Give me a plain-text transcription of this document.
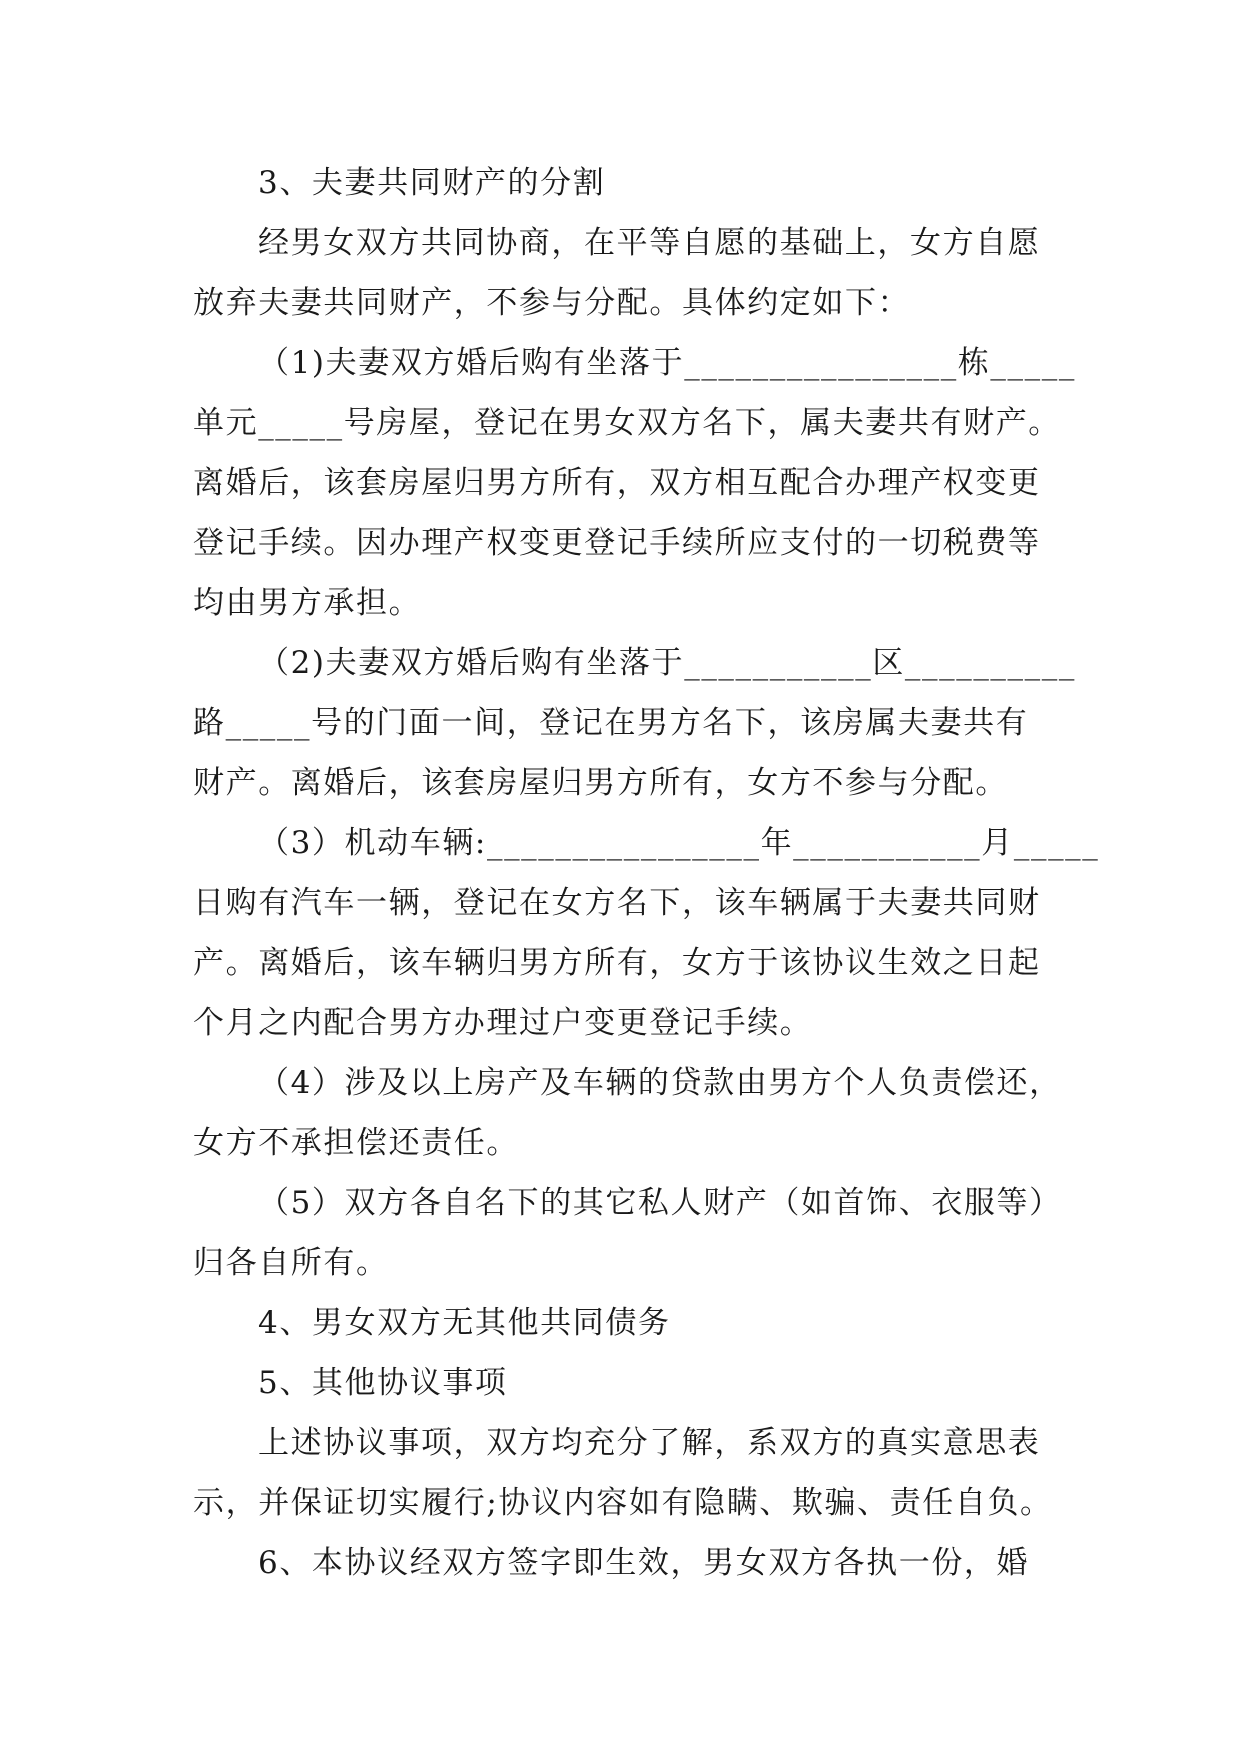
3、夫妻共同财产的分割
经男女双方共同协商，在平等自愿的基础上，女方自愿
放弃夫妻共同财产，不参与分配。具体约定如下：
（1)夫妻双方婚后购有坐落于________________栋_____
单元_____号房屋，登记在男女双方名下，属夫妻共有财产。
离婚后，该套房屋归男方所有，双方相互配合办理产权变更
登记手续。因办理产权变更登记手续所应支付的一切税费等
均由男方承担。
（2)夫妻双方婚后购有坐落于___________区__________
路_____号的门面一间，登记在男方名下，该房属夫妻共有
财产。离婚后，该套房屋归男方所有，女方不参与分配。
（3）机动车辆:________________年___________月_____
日购有汽车一辆，登记在女方名下，该车辆属于夫妻共同财
产。离婚后，该车辆归男方所有，女方于该协议生效之日起
个月之内配合男方办理过户变更登记手续。
（4）涉及以上房产及车辆的贷款由男方个人负责偿还，
女方不承担偿还责任。
（5）双方各自名下的其它私人财产（如首饰、衣服等）
归各自所有。
4、男女双方无其他共同债务
5、其他协议事项
上述协议事项，双方均充分了解，系双方的真实意思表
示，并保证切实履行;协议内容如有隐瞒、欺骗、责任自负。
6、本协议经双方签字即生效，男女双方各执一份，婚
